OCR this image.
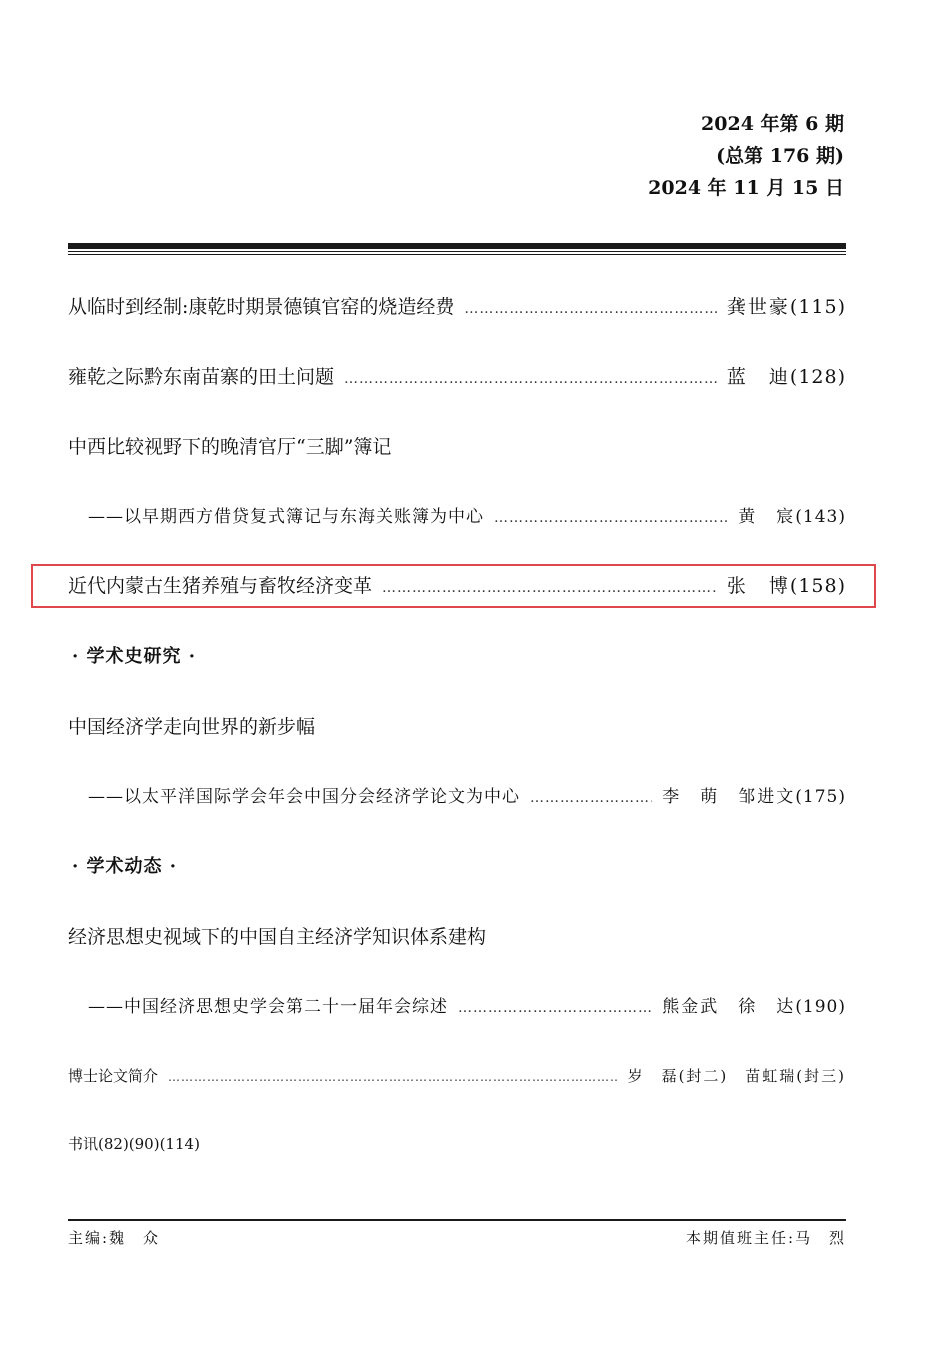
2024 年第 6 期
(总第 176 期)
2024 年 11 月 15 日
从临时到经制:康乾时期景德镇官窑的烧造经费 ………………………………………………………………………………………………………………………………	龚世豪 (115)
雍乾之际黔东南苗寨的田土问题 ………………………………………………………………………………………………………………………………	蓝　迪 (128)
中西比较视野下的晚清官厅“三脚”簿记
——以早期西方借贷复式簿记与东海关账簿为中心 ………………………………………………………………………………………………………………………………	黄　宸 (143)
近代内蒙古生猪养殖与畜牧经济变革 ………………………………………………………………………………………………………………………………	张　博 (158)
· 学术史研究 ·
中国经济学走向世界的新步幅
——以太平洋国际学会年会中国分会经济学论文为中心 ………………………………………………………………………………………………………………………………	李　萌　邹进文 (175)
· 学术动态 ·
经济思想史视域下的中国自主经济学知识体系建构
——中国经济思想史学会第二十一届年会综述 ………………………………………………………………………………………………………………………………	熊金武　徐　达 (190)
博士论文简介 ………………………………………………………………………………………………………………………………	岁　磊(封二)　苗虹瑞(封三)
书讯(82)(90)(114)
主编:魏　众	本期值班主任:马　烈
